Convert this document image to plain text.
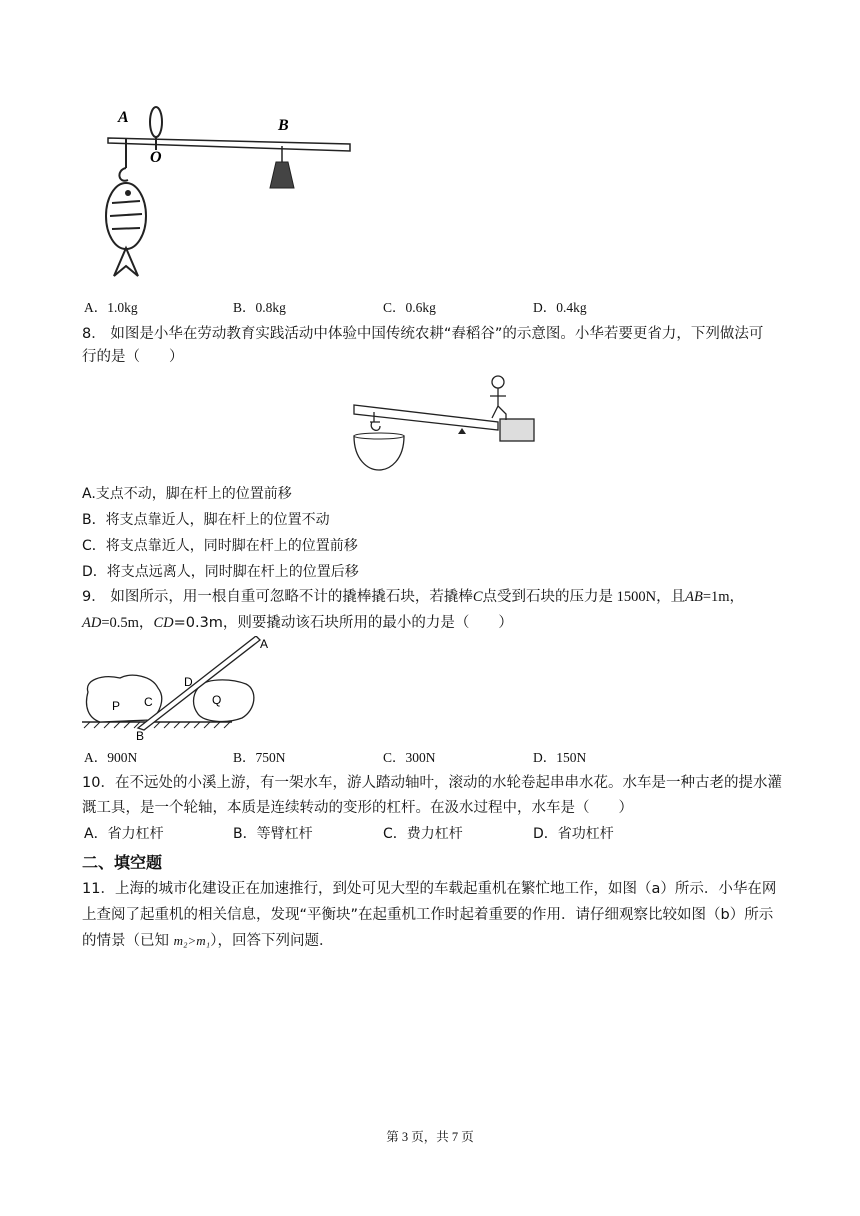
A
O
B
A．1.0kg	B．0.8kg	C．0.6kg	D．0.4kg
8． 如图是小华在劳动教育实践活动中体验中国传统农耕“舂稻谷”的示意图。小华若要更省力，下列做法可
行的是（　　）
A.支点不动，脚在杆上的位置前移
B．将支点靠近人，脚在杆上的位置不动
C．将支点靠近人，同时脚在杆上的位置前移
D．将支点远离人，同时脚在杆上的位置后移
9． 如图所示，用一根自重可忽略不计的撬棒撬石块，若撬棒C点受到石块的压力是 1500N，且AB=1m，
AD=0.5m，CD=0.3m，则要撬动该石块所用的最小的力是（　　）
A
D
C
P	Q
B
A．900N	B．750N	C．300N	D．150N
10．在不远处的小溪上游，有一架水车，游人踏动轴叶，滚动的水轮卷起串串水花。水车是一种古老的提水灌
溉工具，是一个轮轴，本质是连续转动的变形的杠杆。在汲水过程中，水车是（　　）
A．省力杠杆	B．等臂杠杆	C．费力杠杆	D．省功杠杆
二、填空题
11．上海的城市化建设正在加速推行，到处可见大型的车载起重机在繁忙地工作，如图（a）所示．小华在网
上查阅了起重机的相关信息，发现“平衡块”在起重机工作时起着重要的作用．请仔细观察比较如图（b）所示
的情景（已知 m₂>m₁），回答下列问题．
第 3 页，共 7 页
